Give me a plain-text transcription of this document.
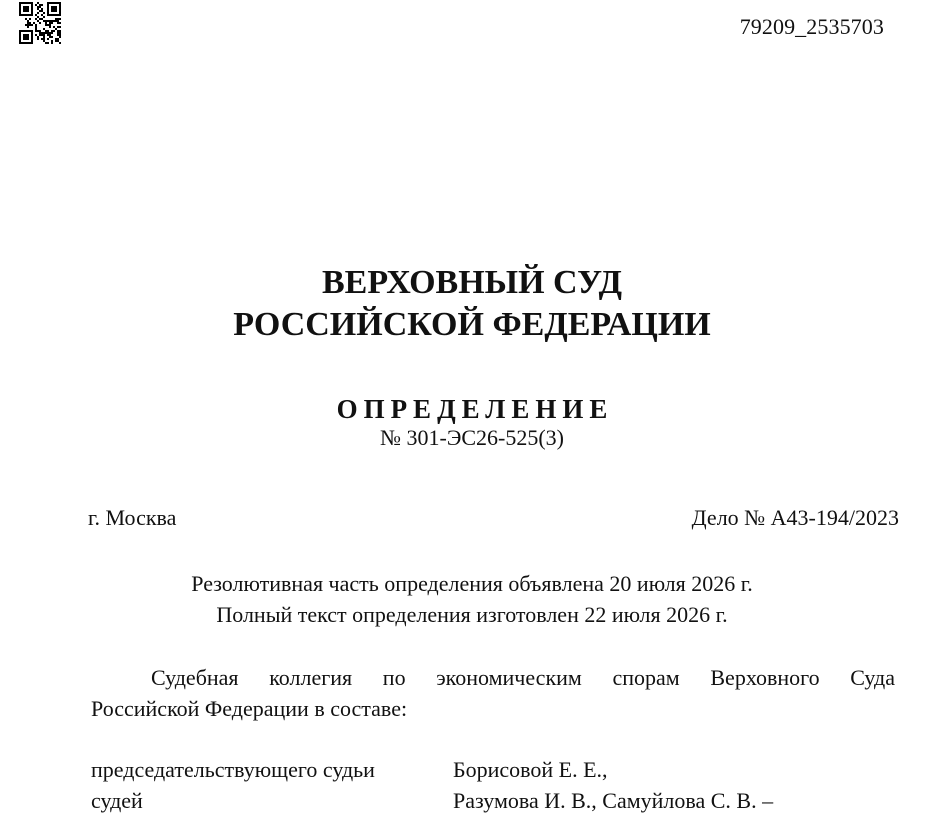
79209_2535703
ВЕРХОВНЫЙ СУД
РОССИЙСКОЙ ФЕДЕРАЦИИ
ОПРЕДЕЛЕНИЕ
№ 301-ЭС26-525(3)
г. Москва	Дело № А43-194/2023
Резолютивная часть определения объявлена 20 июля 2026 г.
Полный текст определения изготовлен 22 июля 2026 г.
Судебная коллегия по экономическим спорам Верховного Суда
Российской Федерации в составе:
председательствующего судьи	Борисовой Е. Е.,
судей	Разумова И. В., Самуйлова С. В. –
